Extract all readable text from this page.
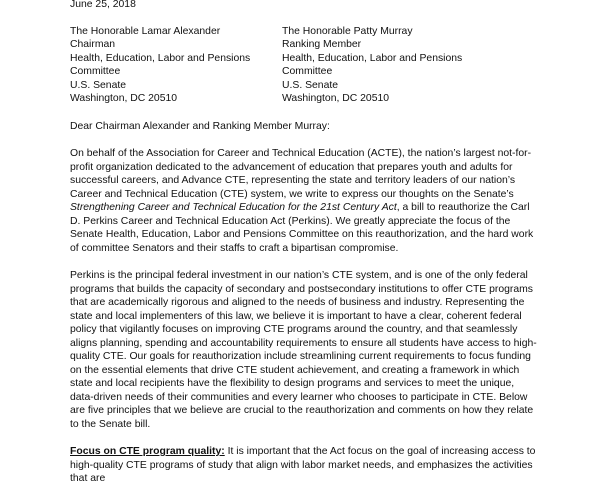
June 25, 2018
The Honorable Lamar Alexander
Chairman
Health, Education, Labor and Pensions
Committee
U.S. Senate
Washington, DC 20510
The Honorable Patty Murray
Ranking Member
Health, Education, Labor and Pensions
Committee
U.S. Senate
Washington, DC 20510

Dear Chairman Alexander and Ranking Member Murray:

On behalf of the Association for Career and Technical Education (ACTE), the nation’s largest not-for-profit organization dedicated to the advancement of education that prepares youth and adults for successful careers, and Advance CTE, representing the state and territory leaders of our nation’s Career and Technical Education (CTE) system, we write to express our thoughts on the Senate’s Strengthening Career and Technical Education for the 21st Century Act, a bill to reauthorize the Carl D. Perkins Career and Technical Education Act (Perkins). We greatly appreciate the focus of the Senate Health, Education, Labor and Pensions Committee on this reauthorization, and the hard work of committee Senators and their staffs to craft a bipartisan compromise.

Perkins is the principal federal investment in our nation’s CTE system, and is one of the only federal programs that builds the capacity of secondary and postsecondary institutions to offer CTE programs that are academically rigorous and aligned to the needs of business and industry. Representing the state and local implementers of this law, we believe it is important to have a clear, coherent federal policy that vigilantly focuses on improving CTE programs around the country, and that seamlessly aligns planning, spending and accountability requirements to ensure all students have access to high-quality CTE. Our goals for reauthorization include streamlining current requirements to focus funding on the essential elements that drive CTE student achievement, and creating a framework in which state and local recipients have the flexibility to design programs and services to meet the unique, data-driven needs of their communities and every learner who chooses to participate in CTE. Below are five principles that we believe are crucial to the reauthorization and comments on how they relate to the Senate bill.

Focus on CTE program quality: It is important that the Act focus on the goal of increasing access to high-quality CTE programs of study that align with labor market needs, and emphasizes the activities that are
